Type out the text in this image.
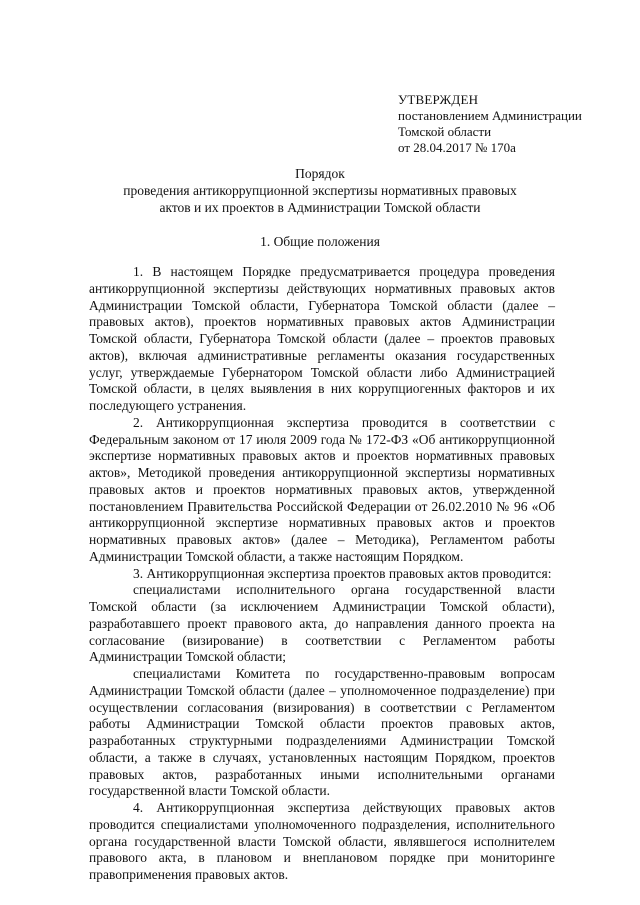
УТВЕРЖДЕН
постановлением Администрации
Томской области
от 28.04.2017 № 170а
Порядок
проведения антикоррупционной экспертизы нормативных правовых
актов и их проектов в Администрации Томской области
1. Общие положения

1. В настоящем Порядке предусматривается процедура проведения антикоррупционной экспертизы действующих нормативных правовых актов Администрации Томской области, Губернатора Томской области (далее – правовых актов), проектов нормативных правовых актов Администрации Томской области, Губернатора Томской области (далее – проектов правовых актов), включая административные регламенты оказания государственных услуг, утверждаемые Губернатором Томской области либо Администрацией Томской области, в целях выявления в них коррупциогенных факторов и их последующего устранения.

2. Антикоррупционная экспертиза проводится в соответствии с Федеральным законом от 17 июля 2009 года № 172-ФЗ «Об антикоррупционной экспертизе нормативных правовых актов и проектов нормативных правовых актов», Методикой проведения антикоррупционной экспертизы нормативных правовых актов и проектов нормативных правовых актов, утвержденной постановлением Правительства Российской Федерации от 26.02.2010 № 96 «Об антикоррупционной экспертизе нормативных правовых актов и проектов нормативных правовых актов» (далее – Методика), Регламентом работы Администрации Томской области, а также настоящим Порядком.

3. Антикоррупционная экспертиза проектов правовых актов проводится:

специалистами исполнительного органа государственной власти Томской области (за исключением Администрации Томской области), разработавшего проект правового акта, до направления данного проекта на согласование (визирование) в соответствии с Регламентом работы Администрации Томской области;

специалистами Комитета по государственно-правовым вопросам Администрации Томской области (далее – уполномоченное подразделение) при осуществлении согласования (визирования) в соответствии с Регламентом работы Администрации Томской области проектов правовых актов, разработанных структурными подразделениями Администрации Томской области, а также в случаях, установленных настоящим Порядком, проектов правовых актов, разработанных иными исполнительными органами государственной власти Томской области.

4. Антикоррупционная экспертиза действующих правовых актов проводится специалистами уполномоченного подразделения, исполнительного органа государственной власти Томской области, являвшегося исполнителем правового акта, в плановом и внеплановом порядке при мониторинге правоприменения правовых актов.
